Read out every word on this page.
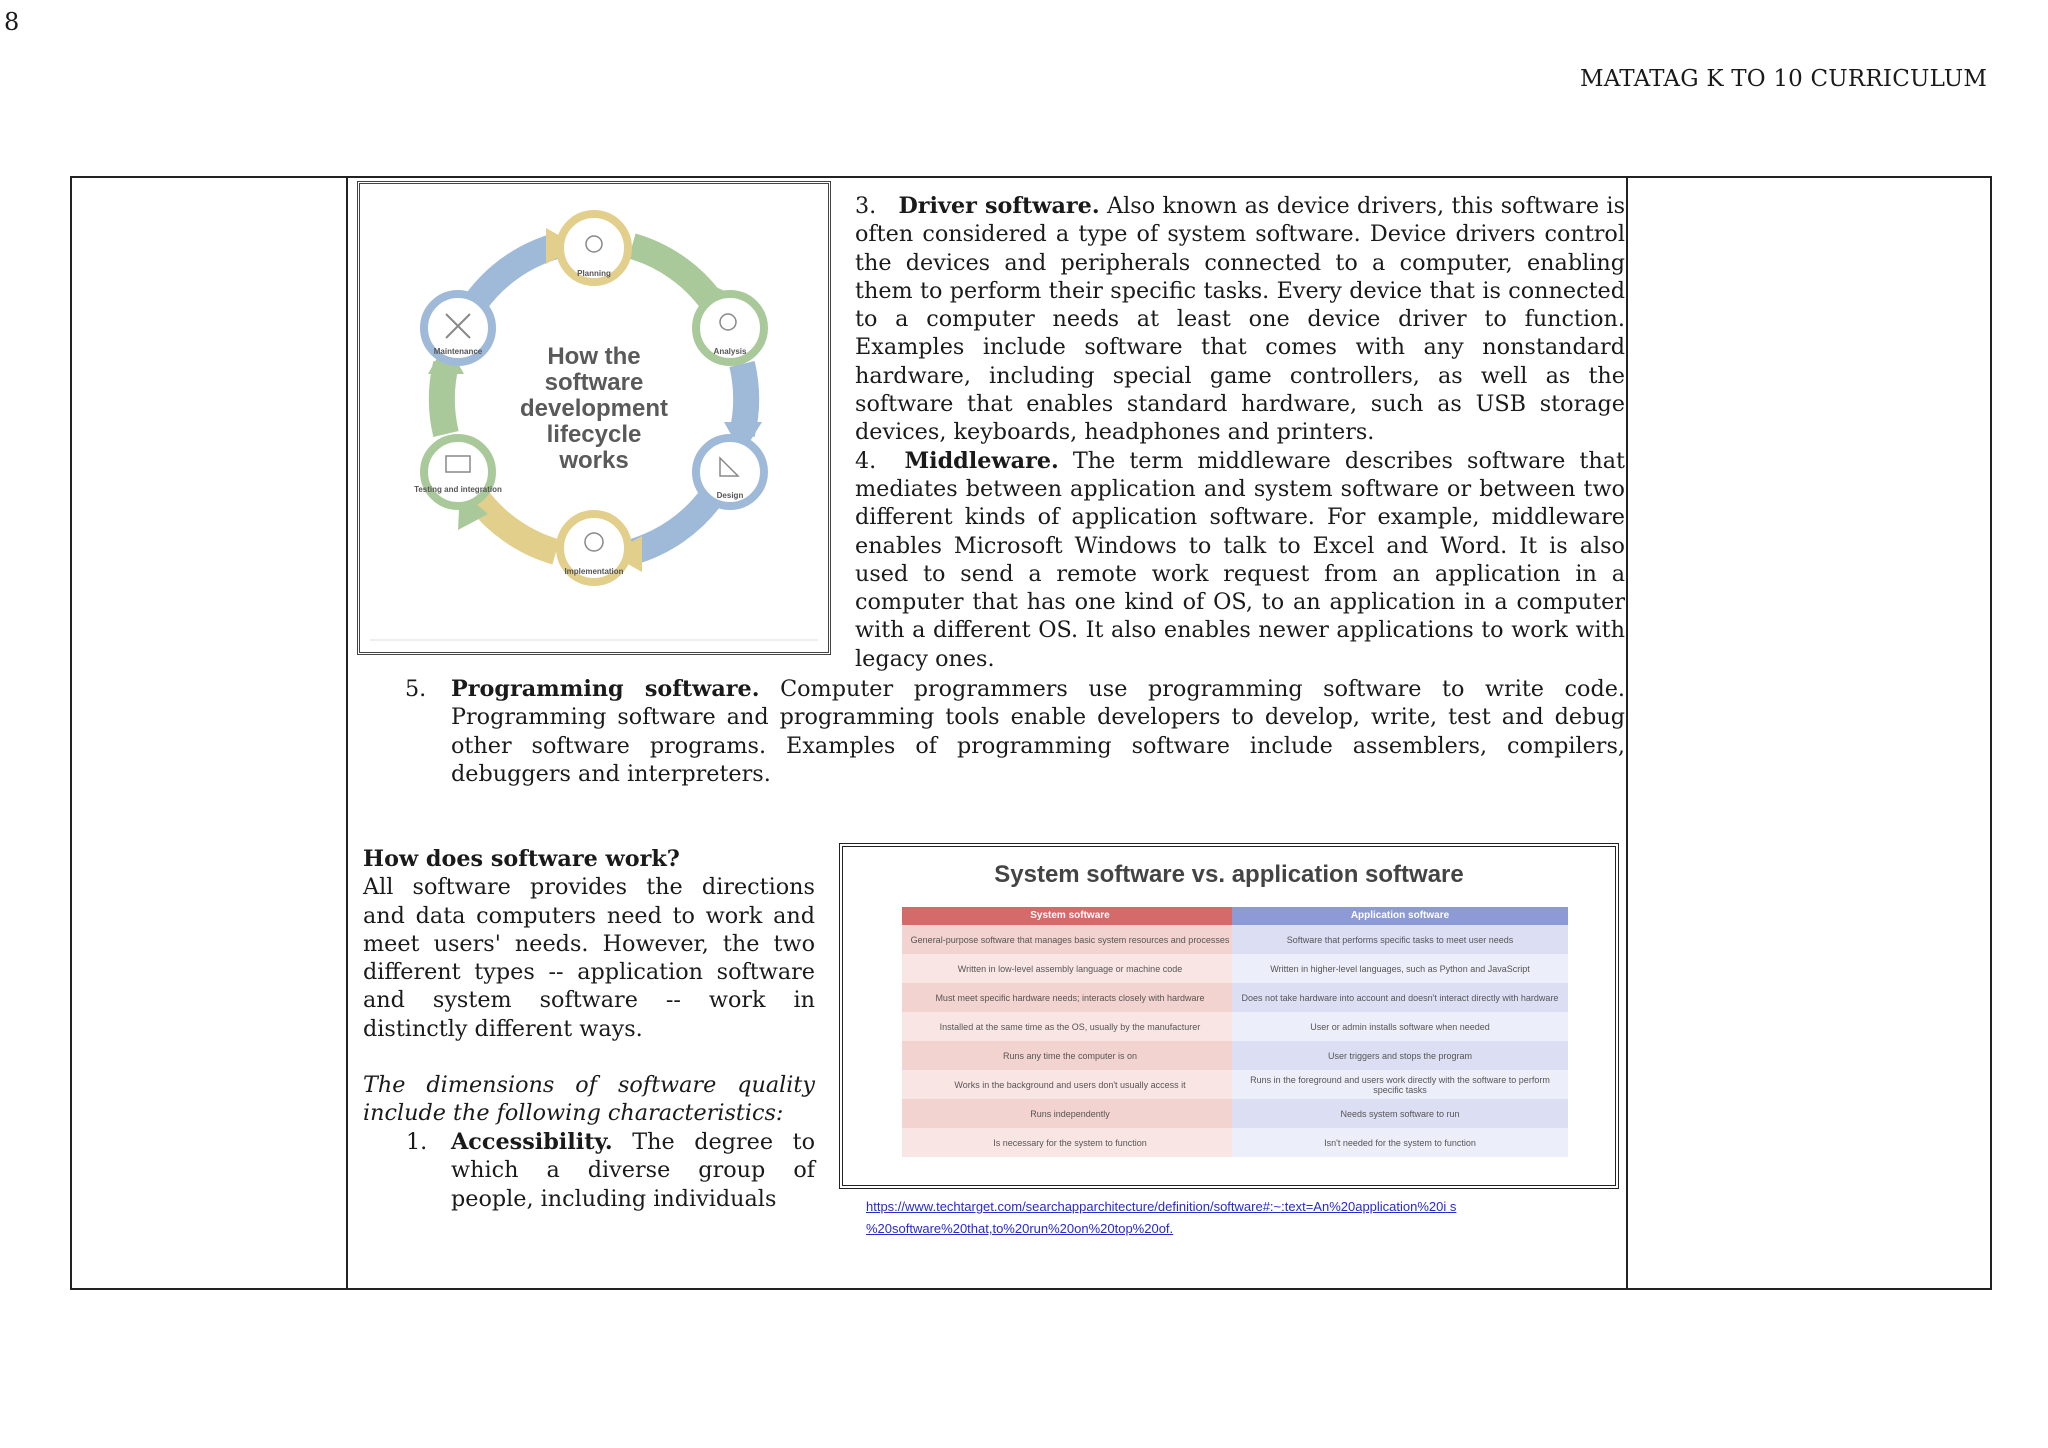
8
MATATAG K TO 10 CURRICULUM
Planning
Analysis
Design
Implementation
Testing and integration
Maintenance	How the
software
development
lifecycle
works

3. Driver software. Also known as device drivers, this software is often considered a type of system software. Device drivers control the devices and peripherals connected to a computer, enabling them to perform their specific tasks. Every device that is connected to a computer needs at least one device driver to function. Examples include software that comes with any nonstandard hardware, including special game controllers, as well as the software that enables standard hardware, such as USB storage devices, keyboards, headphones and printers.

4. Middleware. The term middleware describes software that mediates between application and system software or between two different kinds of application software. For example, middleware enables Microsoft Windows to talk to Excel and Word. It is also used to send a remote work request from an application in a computer that has one kind of OS, to an application in a computer with a different OS. It also enables newer applications to work with legacy ones.

5. Programming software. Computer programmers use programming software to write code. Programming software and programming tools enable developers to develop, write, test and debug other software programs. Examples of programming software include assemblers, compilers, debuggers and interpreters.

How does software work?

All software provides the directions and data computers need to work and meet users' needs. However, the two different types -- application software and system software -- work in distinctly different ways.

The dimensions of software quality include the following characteristics:

1. Accessibility. The degree to which a diverse group of people, including individuals

System software vs. application software
System software
General-purpose software that manages basic system resources and processes
Written in low-level assembly language or machine code
Must meet specific hardware needs; interacts closely with hardware
Installed at the same time as the OS, usually by the manufacturer
Runs any time the computer is on
Works in the background and users don't usually access it
Runs independently
Is necessary for the system to function
Application software
Software that performs specific tasks to meet user needs
Written in higher-level languages, such as Python and JavaScript
Does not take hardware into account and doesn't interact directly with hardware
User or admin installs software when needed
User triggers and stops the program
Runs in the foreground and users work directly with the software to perform specific tasks
Needs system software to run
Isn't needed for the system to function
https://www.techtarget.com/searchapparchitecture/definition/software#:~:text=An%20application%20i s
%20software%20that,to%20run%20on%20top%20of.
